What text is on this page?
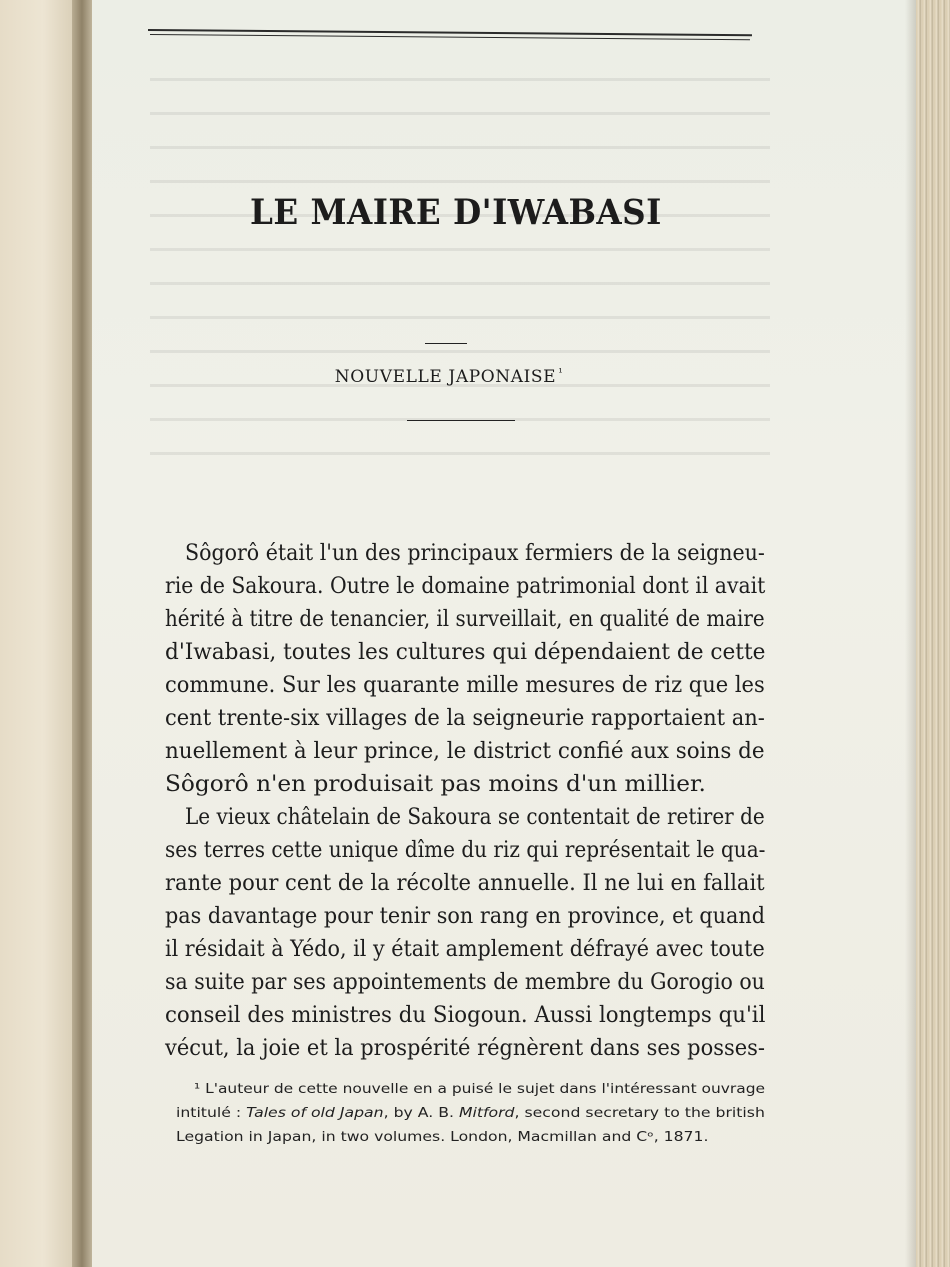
LE MAIRE D'IWABASI
NOUVELLE JAPONAISE $^{^1}$
Sôgorô était l'un des principaux fermiers de la seigneu-
rie de Sakoura. Outre le domaine patrimonial dont il avait
hérité à titre de tenancier, il surveillait, en qualité de maire
d'Iwabasi, toutes les cultures qui dépendaient de cette
commune. Sur les quarante mille mesures de riz que les
cent trente-six villages de la seigneurie rapportaient an-
nuellement à leur prince, le district confié aux soins de
Sôgorô n'en produisait pas moins d'un millier.
Le vieux châtelain de Sakoura se contentait de retirer de
ses terres cette unique dîme du riz qui représentait le qua-
rante pour cent de la récolte annuelle. Il ne lui en fallait
pas davantage pour tenir son rang en province, et quand
il résidait à Yédo, il y était amplement défrayé avec toute
sa suite par ses appointements de membre du Gorogio ou
conseil des ministres du Siogoun. Aussi longtemps qu'il
vécut, la joie et la prospérité régnèrent dans ses posses-
¹ L'auteur de cette nouvelle en a puisé le sujet dans l'intéressant ouvrage
intitulé : Tales of old Japan, by A. B. Mitford, second secretary to the british
Legation in Japan, in two volumes. London, Macmillan and Cᵒ, 1871.
